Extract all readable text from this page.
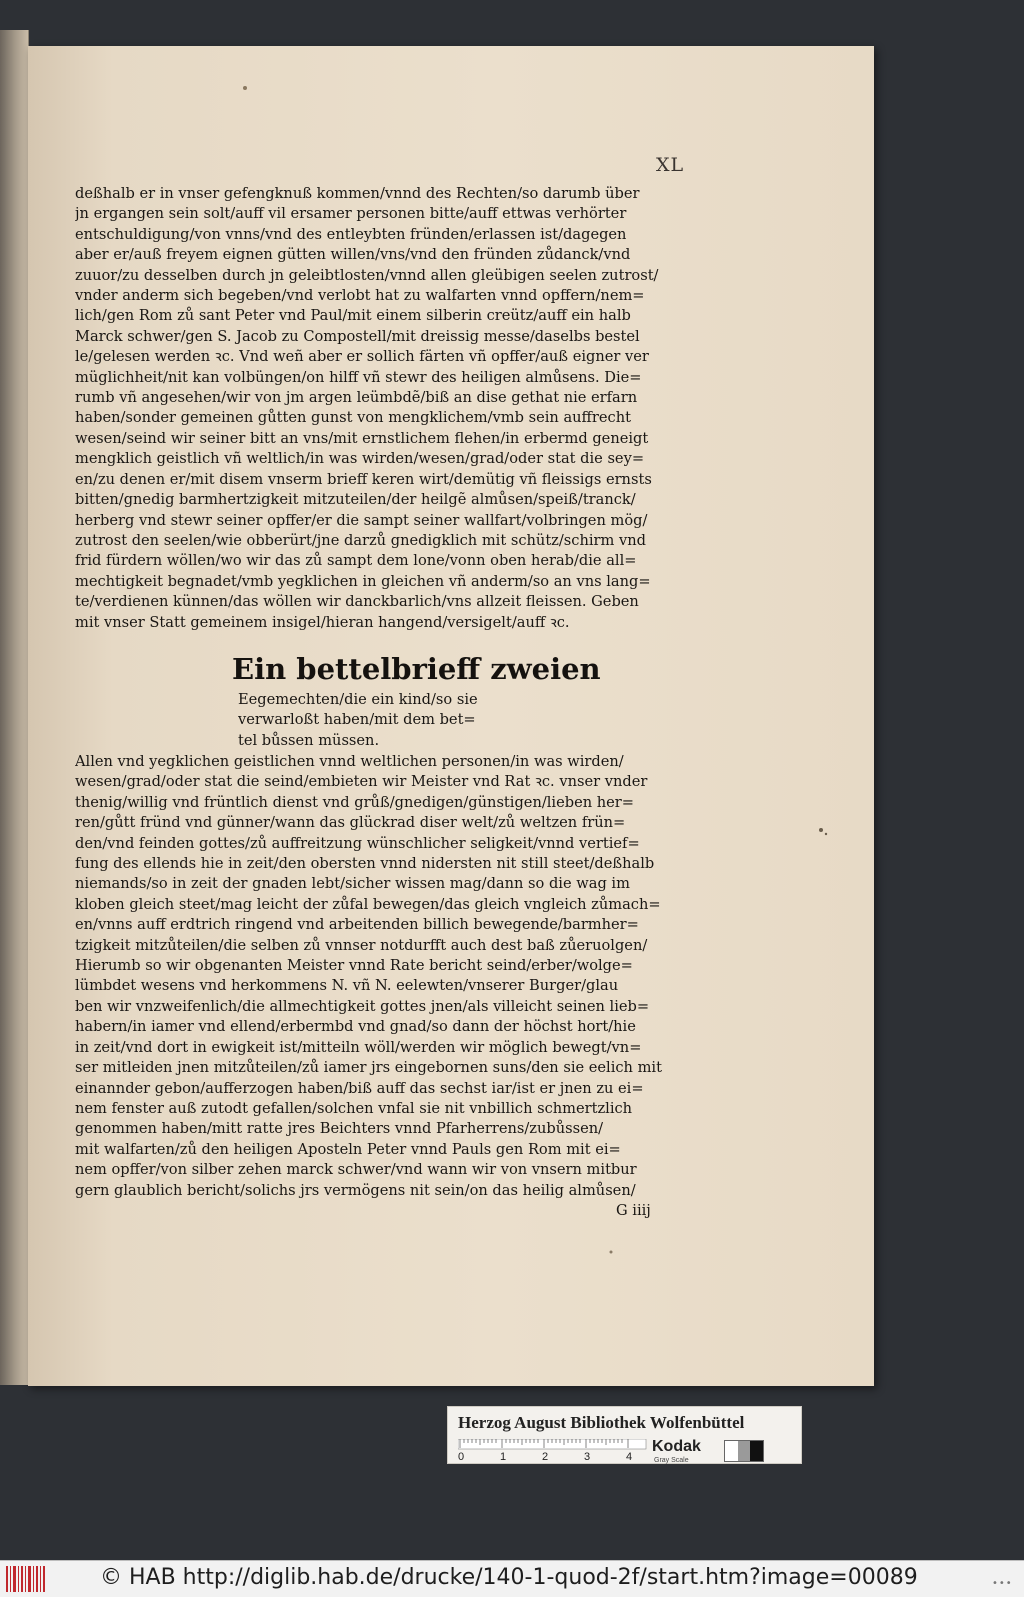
XL

deßhalb er in vnser gefengknuß kommen/vnnd des Rechten/so darumb über
jn ergangen sein solt/auff vil ersamer personen bitte/auff ettwas verhörter
entschuldigung/von vnns/vnd des entleybten fründen/erlassen ist/dagegen
aber er/auß freyem eignen gütten willen/vns/vnd den fründen zůdanck/vnd
zuuor/zu desselben durch jn geleibtlosten/vnnd allen gleübigen seelen zutrost/
vnder anderm sich begeben/vnd verlobt hat zu walfarten vnnd opffern/nem=
lich/gen Rom zů sant Peter vnd Paul/mit einem silberin creütz/auff ein halb
Marck schwer/gen S. Jacob zu Compostell/mit dreissig messe/daselbs bestel
le/gelesen werden ꝛc. Vnd weñ aber er sollich färten vñ opffer/auß eigner ver
müglichheit/nit kan volbüngen/on hilff vñ stewr des heiligen almůsens. Die=
rumb vñ angesehen/wir von jm argen leümbdẽ/biß an dise gethat nie erfarn
haben/sonder gemeinen gůtten gunst von mengklichem/vmb sein auffrecht
wesen/seind wir seiner bitt an vns/mit ernstlichem flehen/in erbermd geneigt
mengklich geistlich vñ weltlich/in was wirden/wesen/grad/oder stat die sey=
en/zu denen er/mit disem vnserm brieff keren wirt/demütig vñ fleissigs ernsts
bitten/gnedig barmhertzigkeit mitzuteilen/der heilgẽ almůsen/speiß/tranck/
herberg vnd stewr seiner opffer/er die sampt seiner wallfart/volbringen mög/
zutrost den seelen/wie obberürt/jne darzů gnedigklich mit schütz/schirm vnd
frid fürdern wöllen/wo wir das zů sampt dem lone/vonn oben herab/die all=
mechtigkeit begnadet/vmb yegklichen in gleichen vñ anderm/so an vns lang=
te/verdienen künnen/das wöllen wir danckbarlich/vns allzeit fleissen. Geben
mit vnser Statt gemeinem insigel/hieran hangend/versigelt/auff ꝛc.

Ein bettelbrieff zweien

Eegemechten/die ein kind/so sie
verwarloßt haben/mit dem bet=
tel bůssen müssen.

Allen vnd yegklichen geistlichen vnnd weltlichen personen/in was wirden/
wesen/grad/oder stat die seind/embieten wir Meister vnd Rat ꝛc. vnser vnder
thenig/willig vnd früntlich dienst vnd grůß/gnedigen/günstigen/lieben her=
ren/gůtt fründ vnd günner/wann das glückrad diser welt/zů weltzen frün=
den/vnd feinden gottes/zů auffreitzung wünschlicher seligkeit/vnnd vertief=
fung des ellends hie in zeit/den obersten vnnd nidersten nit still steet/deßhalb
niemands/so in zeit der gnaden lebt/sicher wissen mag/dann so die wag im
kloben gleich steet/mag leicht der zůfal bewegen/das gleich vngleich zůmach=
en/vnns auff erdtrich ringend vnd arbeitenden billich bewegende/barmher=
tzigkeit mitzůteilen/die selben zů vnnser notdurfft auch dest baß zůeruolgen/
Hierumb so wir obgenanten Meister vnnd Rate bericht seind/erber/wolge=
lümbdet wesens vnd herkommens N. vñ N. eelewten/vnserer Burger/glau
ben wir vnzweifenlich/die allmechtigkeit gottes jnen/als villeicht seinen lieb=
habern/in iamer vnd ellend/erbermbd vnd gnad/so dann der höchst hort/hie
in zeit/vnd dort in ewigkeit ist/mitteiln wöll/werden wir möglich bewegt/vn=
ser mitleiden jnen mitzůteilen/zů iamer jrs eingebornen suns/den sie eelich mit
einannder gebon/aufferzogen haben/biß auff das sechst iar/ist er jnen zu ei=
nem fenster auß zutodt gefallen/solchen vnfal sie nit vnbillich schmertzlich
genommen haben/mitt ratte jres Beichters vnnd Pfarherrens/zubůssen/
mit walfarten/zů den heiligen Aposteln Peter vnnd Pauls gen Rom mit ei=
nem opffer/von silber zehen marck schwer/vnd wann wir von vnsern mitbur
gern glaublich bericht/solichs jrs vermögens nit sein/on das heilig almůsen/

G iiij
Herzog August Bibliothek Wolfenbüttel
0	1	2	3	4
Kodak
Gray Scale
© HAB http://diglib.hab.de/drucke/140-1-quod-2f/start.htm?image=00089	•••
